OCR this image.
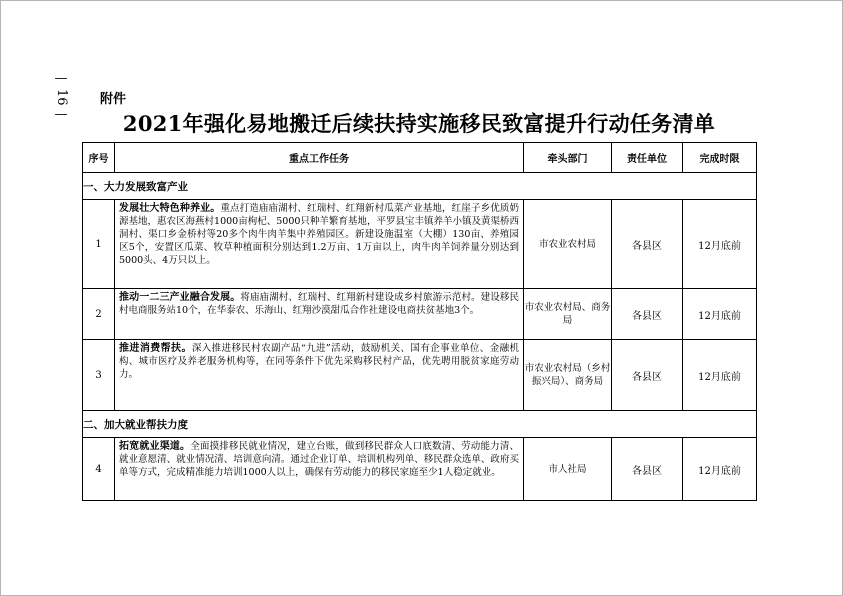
—
16
—
附件
2021年强化易地搬迁后续扶持实施移民致富提升行动任务清单
序号	重点工作任务	牵头部门	责任单位	完成时限
一、大力发展致富产业				
1	发展壮大特色种养业。重点打造庙庙湖村、红瑞村、红翔新村瓜菜产业基地，红崖子乡优质奶源基地，惠农区海燕村1000亩枸杞、5000只种羊繁育基地，平罗县宝丰镇养羊小镇及黄渠桥西洞村、渠口乡金桥村等20多个肉牛肉羊集中养殖园区。新建设施温室（大棚）130亩、养殖园区5个，安置区瓜菜、牧草种植面积分别达到1.2万亩、1万亩以上，肉牛肉羊饲养量分别达到5000头、4万只以上。	市农业农村局	各县区	12月底前
2	推动一二三产业融合发展。将庙庙湖村、红瑞村、红翔新村建设成乡村旅游示范村。建设移民村电商服务站10个，在华泰农、乐海山、红翔沙漠甜瓜合作社建设电商扶贫基地3个。	市农业农村局、商务局	各县区	12月底前
3	推进消费帮扶。深入推进移民村农副产品“九进”活动，鼓励机关、国有企事业单位、金融机构、城市医疗及养老服务机构等，在同等条件下优先采购移民村产品，优先聘用脱贫家庭劳动力。	市农业农村局（乡村振兴局）、商务局	各县区	12月底前
二、加大就业帮扶力度				
4	拓宽就业渠道。全面摸排移民就业情况，建立台账，做到移民群众人口底数清、劳动能力清、就业意愿清、就业情况清、培训意向清。通过企业订单、培训机构列单、移民群众选单、政府买单等方式，完成精准能力培训1000人以上，确保有劳动能力的移民家庭至少1人稳定就业。	市人社局	各县区	12月底前
